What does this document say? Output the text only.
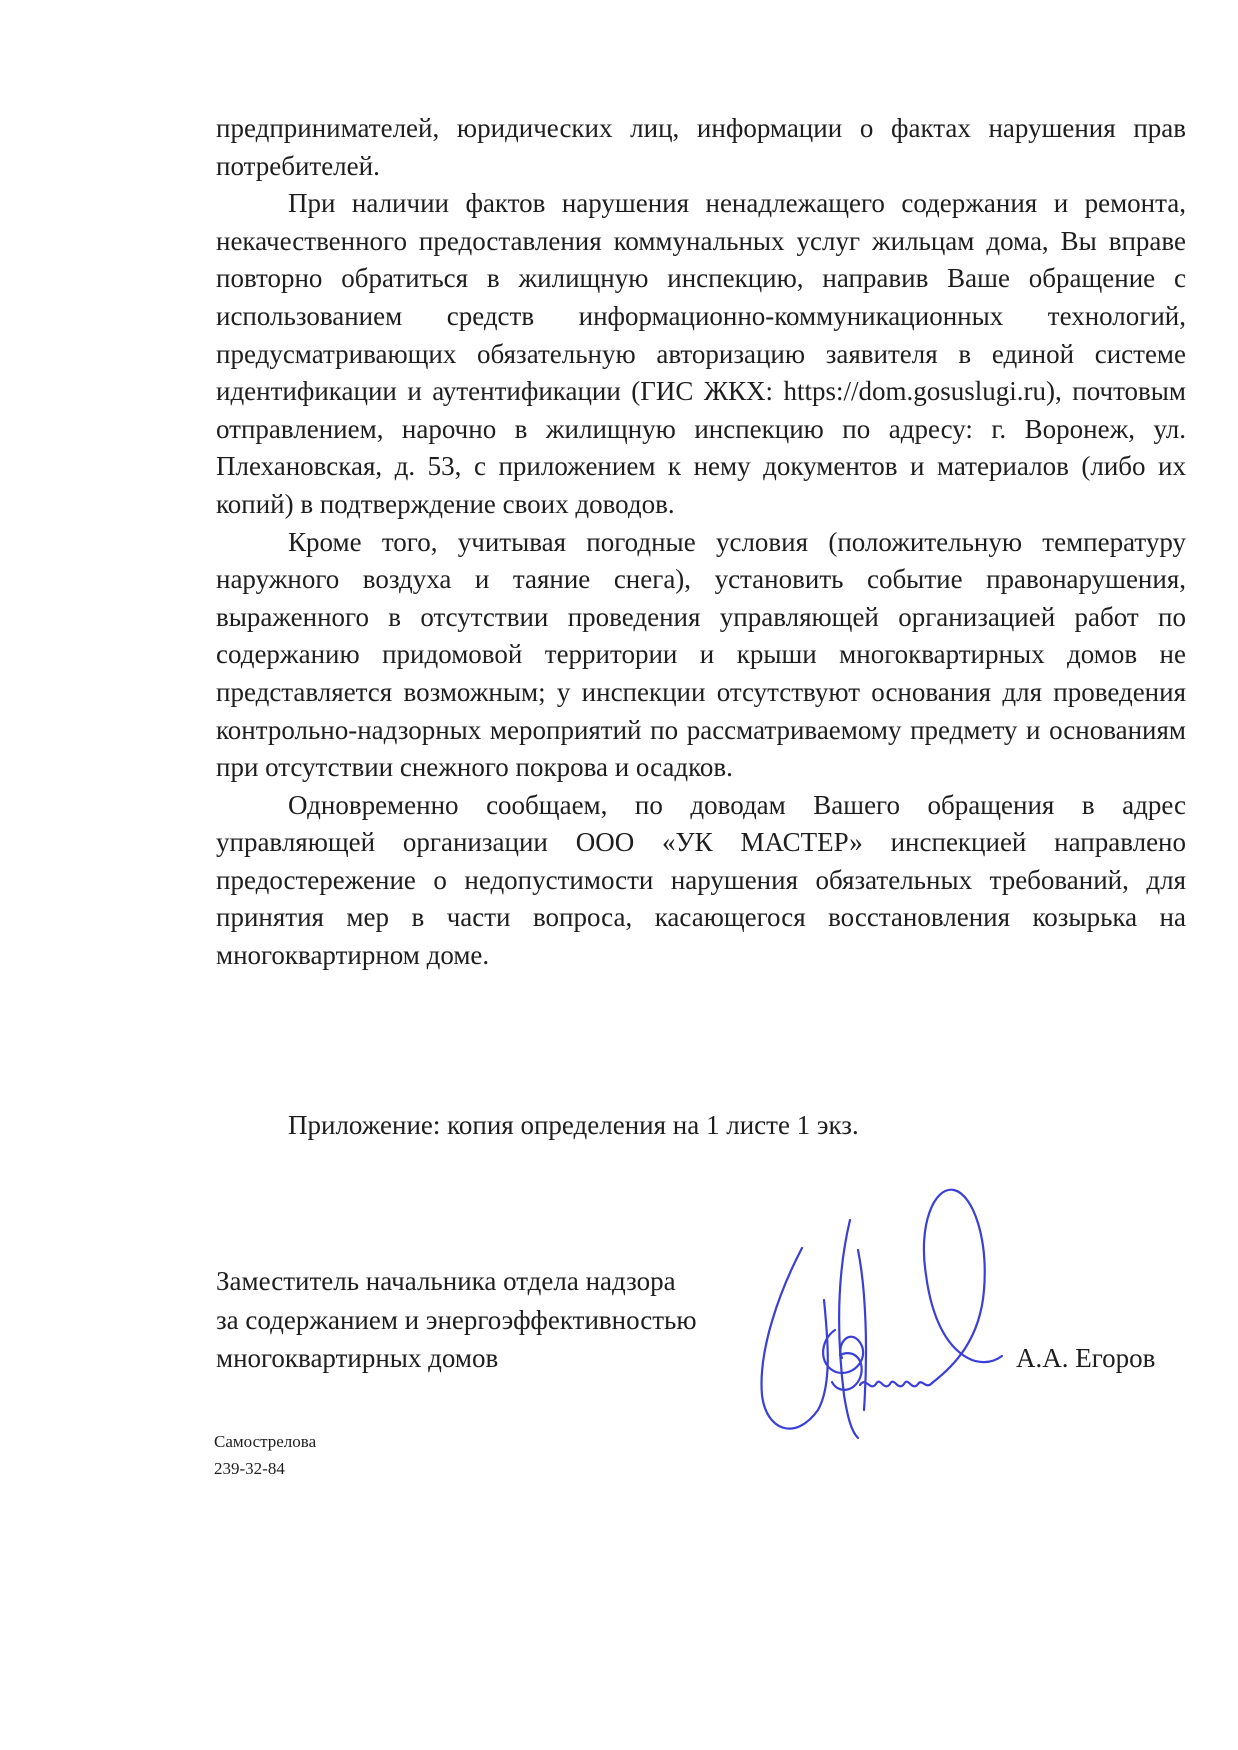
предпринимателей, юридических лиц, информации о фактах нарушения прав потребителей.

При наличии фактов нарушения ненадлежащего содержания и ремонта, некачественного предоставления коммунальных услуг жильцам дома, Вы вправе повторно обратиться в жилищную инспекцию, направив Ваше обращение с использованием средств информационно-коммуникационных технологий, предусматривающих обязательную авторизацию заявителя в единой системе идентификации и аутентификации (ГИС ЖКХ: https://dom.gosuslugi.ru), почтовым отправлением, нарочно в жилищную инспекцию по адресу: г. Воронеж, ул. Плехановская, д. 53, с приложением к нему документов и материалов (либо их копий) в подтверждение своих доводов.

Кроме того, учитывая погодные условия (положительную температуру наружного воздуха и таяние снега), установить событие правонарушения, выраженного в отсутствии проведения управляющей организацией работ по содержанию придомовой территории и крыши многоквартирных домов не представляется возможным; у инспекции отсутствуют основания для проведения контрольно-надзорных мероприятий по рассматриваемому предмету и основаниям при отсутствии снежного покрова и осадков.

Одновременно сообщаем, по доводам Вашего обращения в адрес управляющей организации ООО «УК МАСТЕР» инспекцией направлено предостережение о недопустимости нарушения обязательных требований, для принятия мер в части вопроса, касающегося восстановления козырька на многоквартирном доме.

Приложение: копия определения на 1 листе 1 экз.
Заместитель начальника отдела надзора
за содержанием и энергоэффективностью
многоквартирных домов	А.А. Егоров
Самострелова
239-32-84
